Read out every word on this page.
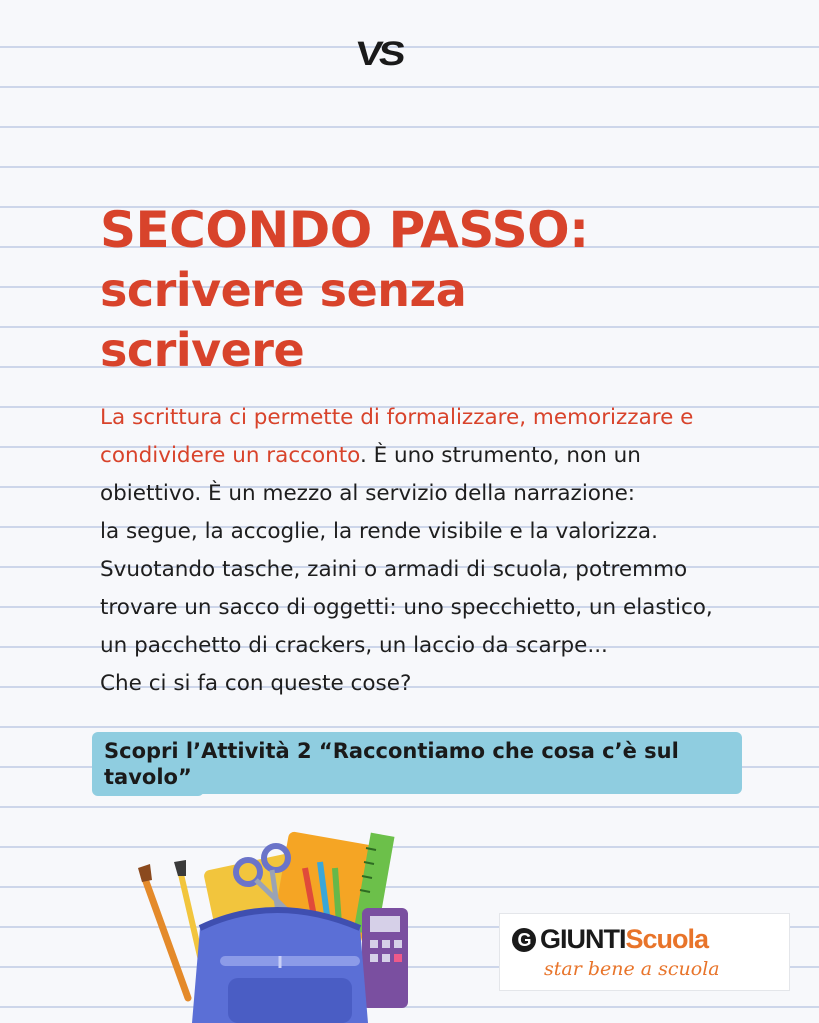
VS
SECONDO PASSO:
scrivere senza
scrivere

La scrittura ci permette di formalizzare, memorizzare e

condividere un racconto. È uno strumento, non un

obiettivo. È un mezzo al servizio della narrazione:

la segue, la accoglie, la rende visibile e la valorizza.

Svuotando tasche, zaini o armadi di scuola, potremmo

trovare un sacco di oggetti: uno specchietto, un elastico,

un pacchetto di crackers, un laccio da scarpe...

Che ci si fa con queste cose?

Scopri l’Attività 2 “Raccontiamo che cosa c’è sul
tavolo”
G GIUNTIScuola
star bene a scuola
